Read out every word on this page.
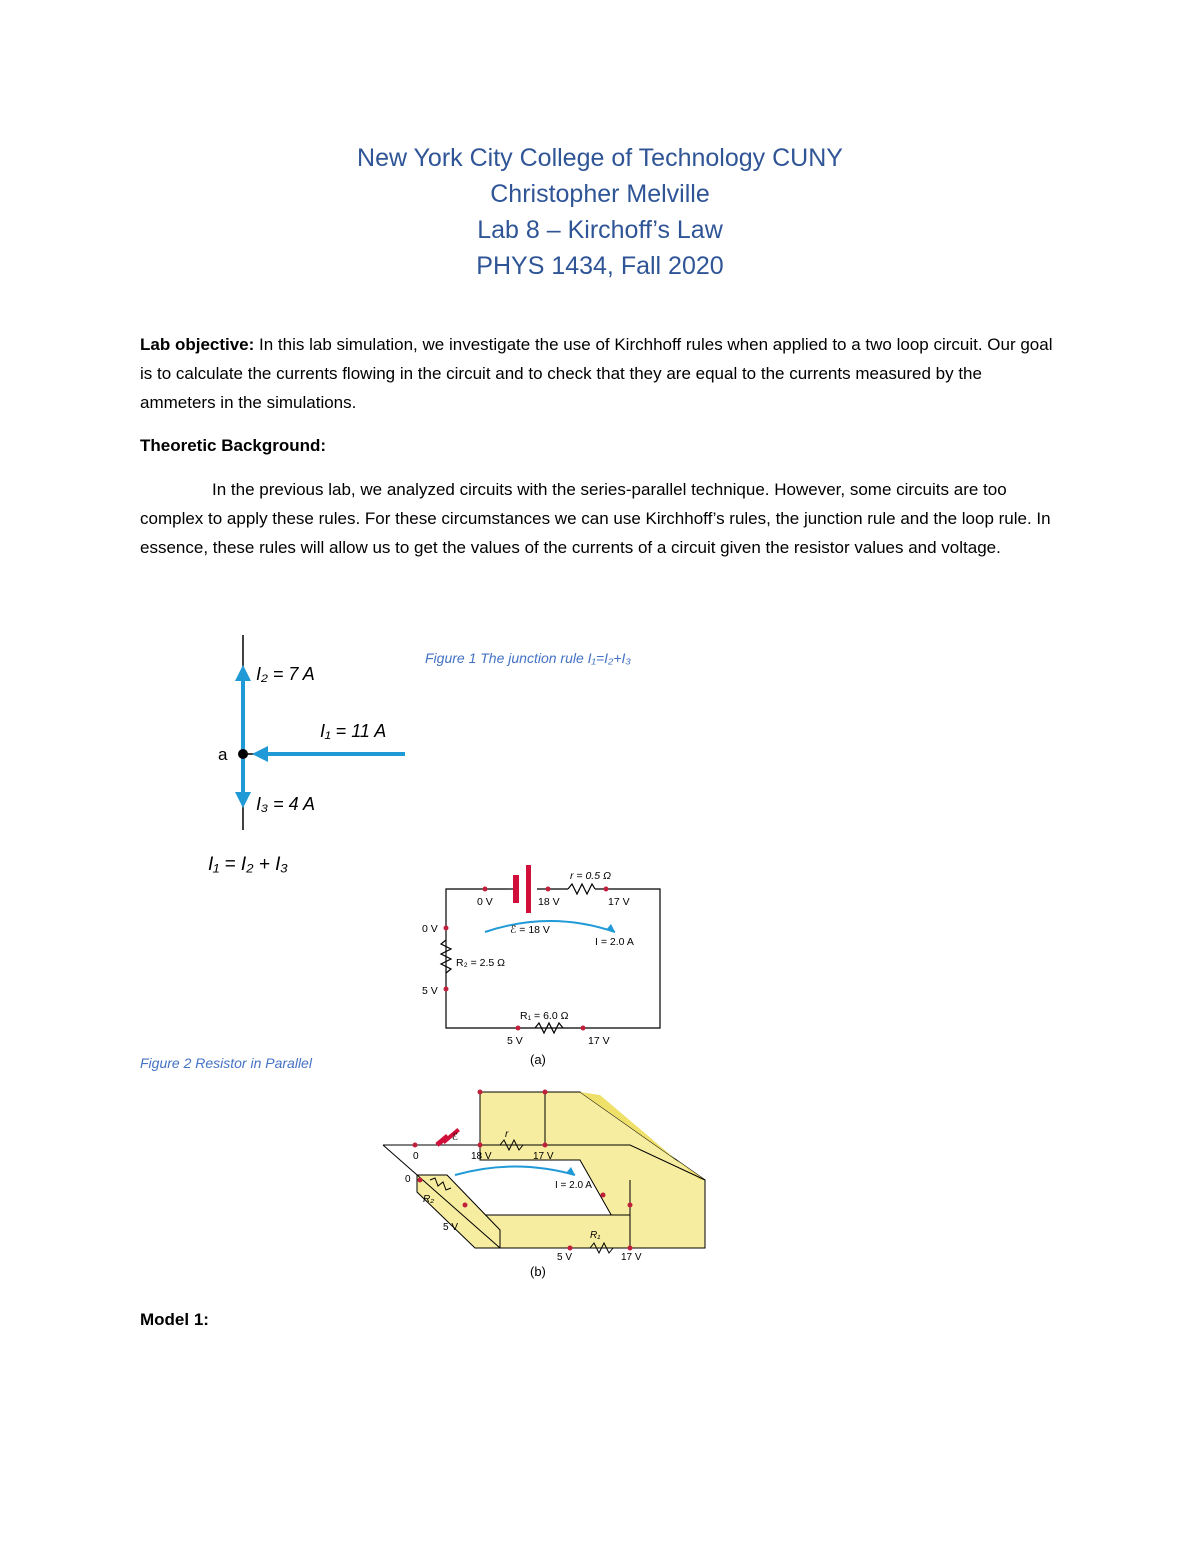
New York City College of Technology CUNY

Christopher Melville

Lab 8 – Kirchoff’s Law

PHYS 1434, Fall 2020

Lab objective: In this lab simulation, we investigate the use of Kirchhoff rules when applied to a two loop circuit. Our goal is to calculate the currents flowing in the circuit and to check that they are equal to the currents measured by the ammeters in the simulations.

Theoretic Background:

In the previous lab, we analyzed circuits with the series-parallel technique. However, some circuits are too complex to apply these rules. For these circumstances we can use Kirchhoff’s rules, the junction rule and the loop rule. In essence, these rules will allow us to get the values of the currents of a circuit given the resistor values and voltage.

a
I₂ = 7 A
I₁ = 11 A
I₃ = 4 A
I₁ = I₂ + I₃

Figure 1 The junction rule I₁=I₂+I₃

r = 0.5 Ω
0 V	18 V	17 V
ℰ = 18 V
I = 2.0 A
0 V
R₂ = 2.5 Ω
5 V
R₁ = 6.0 Ω
5 V	17 V
(a)

Figure 2 Resistor in Parallel

0
0
ℰ	r
18 V	17 V
I = 2.0 A
R₂
5 V
R₁
5 V	17 V
(b)

Model 1:
